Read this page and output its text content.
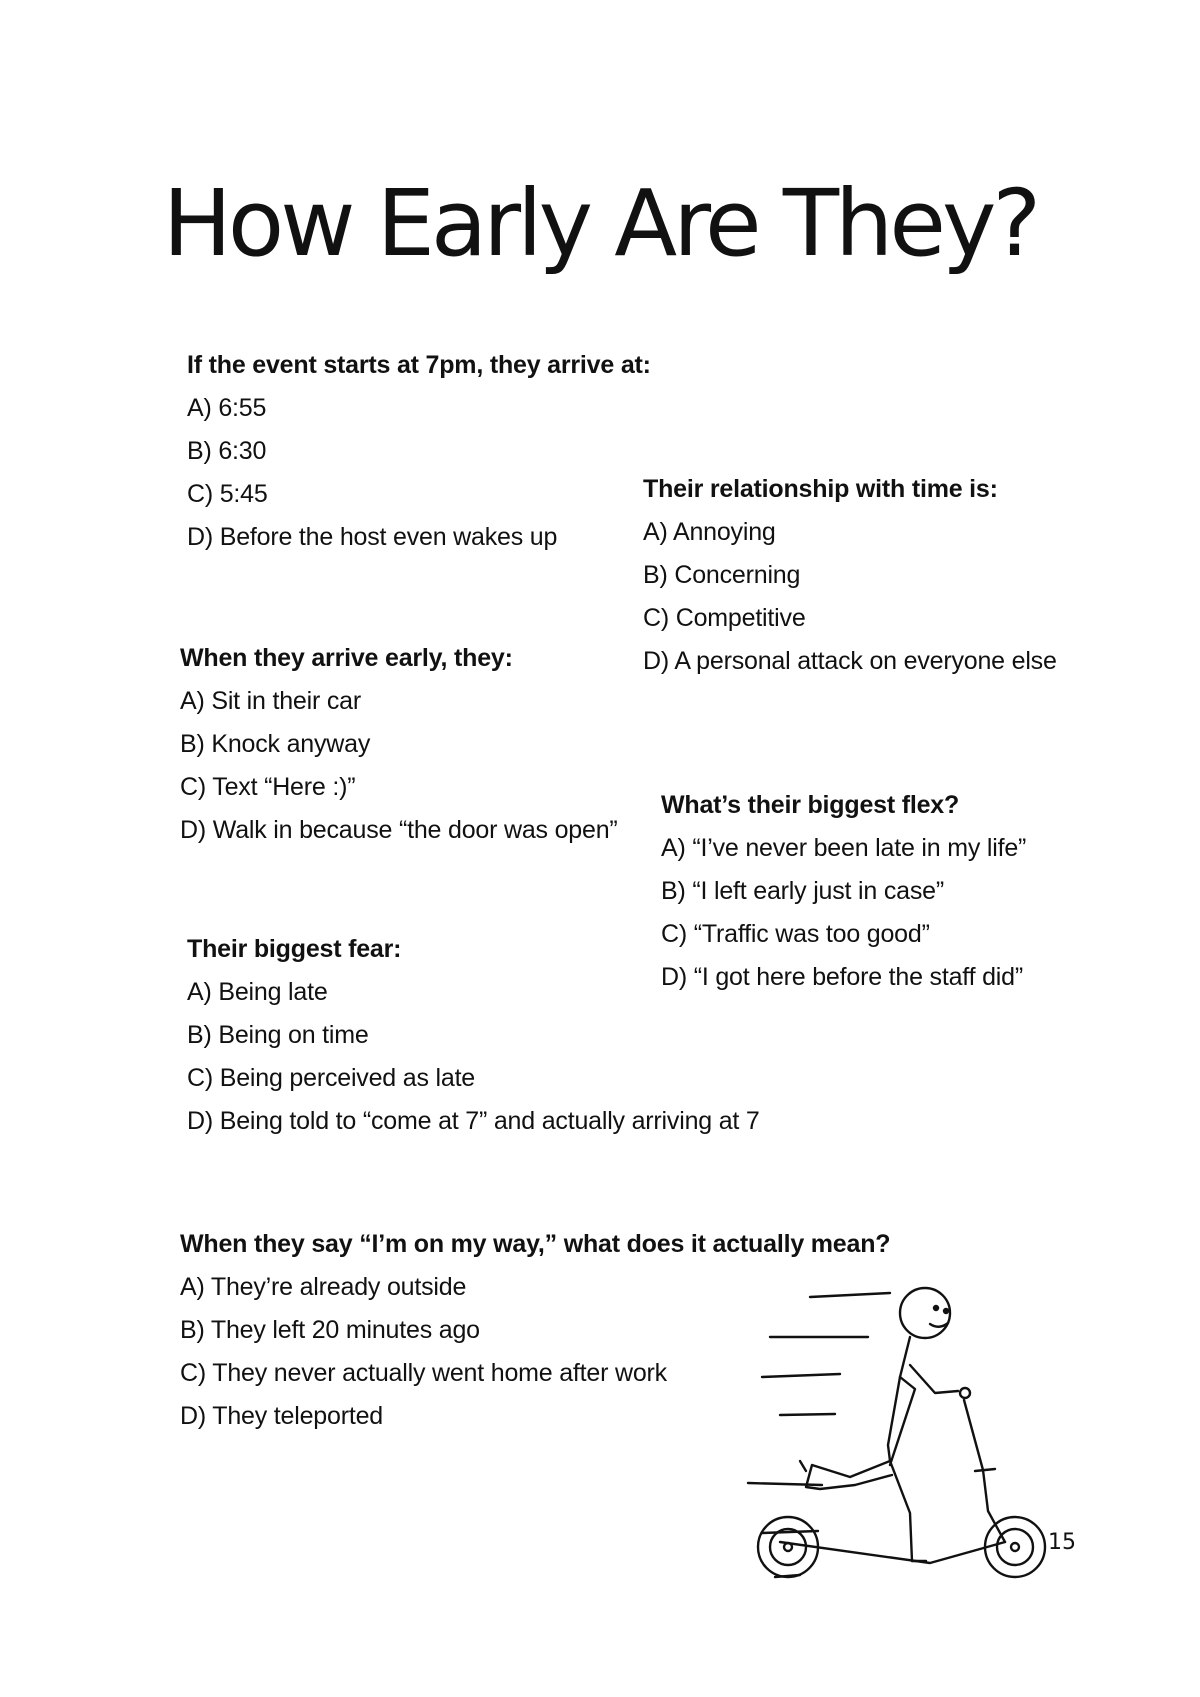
How Early Are They?
If the event starts at 7pm, they arrive at:
A) 6:55
B) 6:30
C) 5:45
D) Before the host even wakes up
Their relationship with time is:
A) Annoying
B) Concerning
C) Competitive
D) A personal attack on everyone else
When they arrive early, they:
A) Sit in their car
B) Knock anyway
C) Text “Here :)”
D) Walk in because “the door was open”
What’s their biggest flex?
A) “I’ve never been late in my life”
B) “I left early just in case”
C) “Traffic was too good”
D) “I got here before the staff did”
Their biggest fear:
A) Being late
B) Being on time
C) Being perceived as late
D) Being told to “come at 7” and actually arriving at 7
When they say “I’m on my way,” what does it actually mean?
A) They’re already outside
B) They left 20 minutes ago
C) They never actually went home after work
D) They teleported
15
